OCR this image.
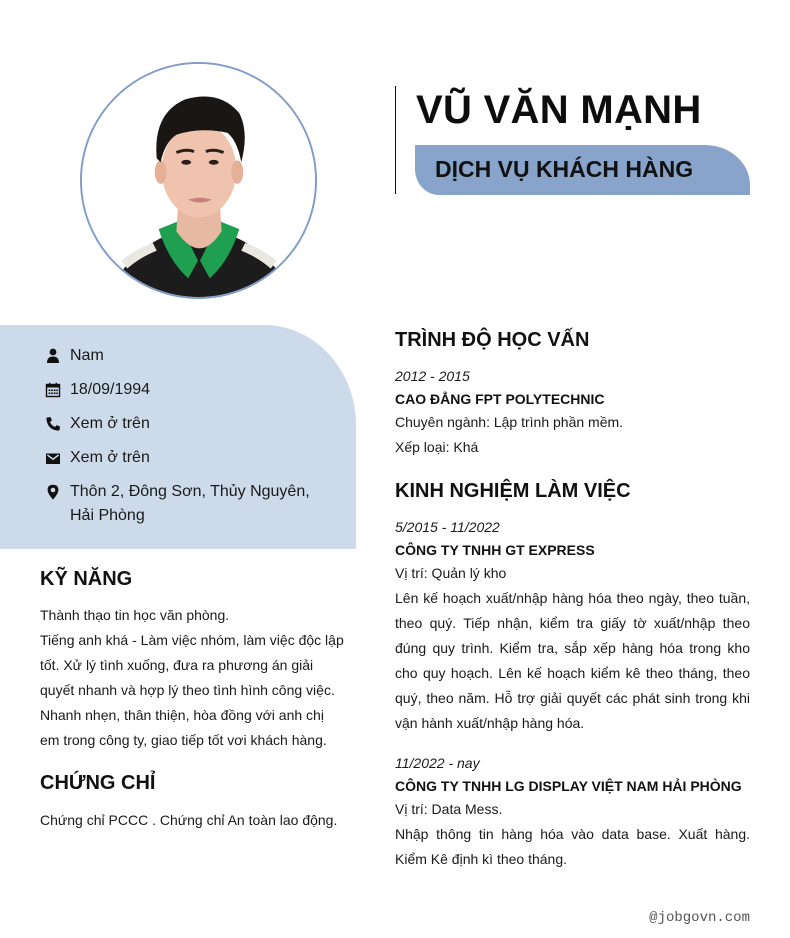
VŨ VĂN MẠNH
DỊCH VỤ KHÁCH HÀNG
Nam
18/09/1994
Xem ở trên
Xem ở trên
Thôn 2, Đông Sơn, Thủy Nguyên, Hải Phòng
KỸ NĂNG
Thành thạo tin học văn phòng.
Tiếng anh khá - Làm việc nhóm, làm việc độc lập tốt. Xử lý tình xuống, đưa ra phương án giải quyết nhanh và hợp lý theo tình hình công việc. Nhanh nhẹn, thân thiện, hòa đồng với anh chị em trong công ty, giao tiếp tốt vơi khách hàng.
CHỨNG CHỈ
Chứng chỉ PCCC . Chứng chỉ An toàn lao động.
TRÌNH ĐỘ HỌC VẤN
2012 - 2015
CAO ĐẲNG FPT POLYTECHNIC
Chuyên ngành: Lập trình phần mềm.
Xếp loại: Khá
KINH NGHIỆM LÀM VIỆC
5/2015 - 11/2022
CÔNG TY TNHH GT EXPRESS
Vị trí: Quản lý kho
Lên kế hoạch xuất/nhập hàng hóa theo ngày, theo tuần, theo quý. Tiếp nhận, kiểm tra giấy tờ xuất/nhập theo đúng quy trình. Kiểm tra, sắp xếp hàng hóa trong kho cho quy hoạch. Lên kế hoạch kiểm kê theo tháng, theo quý, theo năm. Hỗ trợ giải quyết các phát sinh trong khi vận hành xuất/nhập hàng hóa.
11/2022 - nay
CÔNG TY TNHH LG DISPLAY VIỆT NAM HẢI PHÒNG
Vị trí: Data Mess.
Nhập thông tin hàng hóa vào data base. Xuất hàng. Kiểm Kê định kì theo tháng.
@jobgovn.com
